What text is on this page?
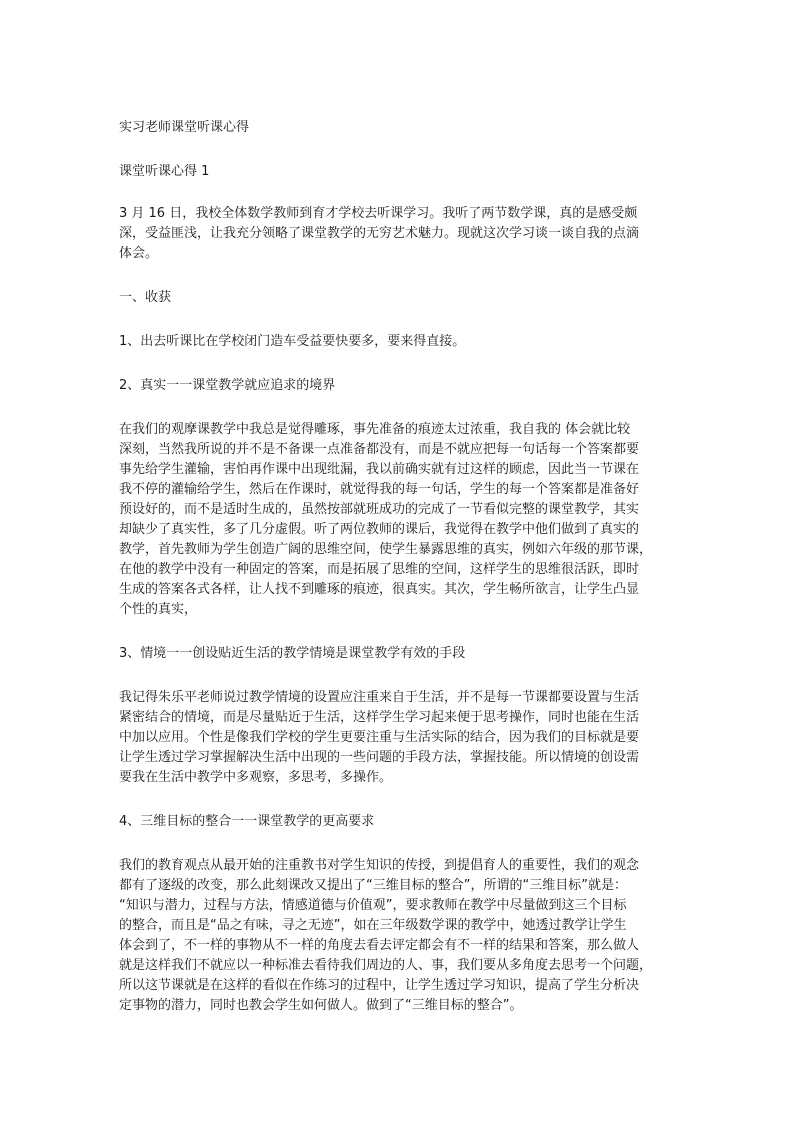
实习老师课堂听课心得

课堂听课心得 1

3 月 16 日，我校全体数学教师到育才学校去听课学习。我听了两节数学课，真的是感受颇

深，受益匪浅，让我充分领略了课堂教学的无穷艺术魅力。现就这次学习谈一谈自我的点滴

体会。

一、收获

1、出去听课比在学校闭门造车受益要快要多，要来得直接。

2、真实一一课堂教学就应追求的境界

在我们的观摩课教学中我总是觉得雕琢，事先准备的痕迹太过浓重，我自我的 体会就比较

深刻，当然我所说的并不是不备课一点准备都没有，而是不就应把每一句话每一个答案都要

事先给学生灌输，害怕再作课中出现纰漏，我以前确实就有过这样的顾虑，因此当一节课在

我不停的灌输给学生，然后在作课时，就觉得我的每一句话，学生的每一个答案都是准备好

预设好的，而不是适时生成的，虽然按部就班成功的完成了一节看似完整的课堂教学，其实

却缺少了真实性，多了几分虚假。听了两位教师的课后，我觉得在教学中他们做到了真实的

教学，首先教师为学生创造广阔的思维空间，使学生暴露思维的真实，例如六年级的那节课，

在他的教学中没有一种固定的答案，而是拓展了思维的空间，这样学生的思维很活跃，即时

生成的答案各式各样，让人找不到雕琢的痕迹，很真实。其次，学生畅所欲言，让学生凸显

个性的真实，

3、情境一一创设贴近生活的教学情境是课堂教学有效的手段

我记得朱乐平老师说过教学情境的设置应注重来自于生活，并不是每一节课都要设置与生活

紧密结合的情境，而是尽量贴近于生活，这样学生学习起来便于思考操作，同时也能在生活

中加以应用。个性是像我们学校的学生更要注重与生活实际的结合，因为我们的目标就是要

让学生透过学习掌握解决生活中出现的一些问题的手段方法，掌握技能。所以情境的创设需

要我在生活中教学中多观察，多思考，多操作。

4、三维目标的整合一一课堂教学的更高要求

我们的教育观点从最开始的注重教书对学生知识的传授，到提倡育人的重要性，我们的观念

都有了逐级的改变，那么此刻课改又提出了“三维目标的整合”，所谓的“三维目标”就是：

“知识与潜力，过程与方法，情感道德与价值观”，要求教师在教学中尽量做到这三个目标

的整合，而且是“品之有味，寻之无迹”，如在三年级数学课的教学中，她透过教学让学生

体会到了，不一样的事物从不一样的角度去看去评定都会有不一样的结果和答案，那么做人

就是这样我们不就应以一种标准去看待我们周边的人、事，我们要从多角度去思考一个问题，

所以这节课就是在这样的看似在作练习的过程中，让学生透过学习知识，提高了学生分析决

定事物的潜力，同时也教会学生如何做人。做到了“三维目标的整合”。
